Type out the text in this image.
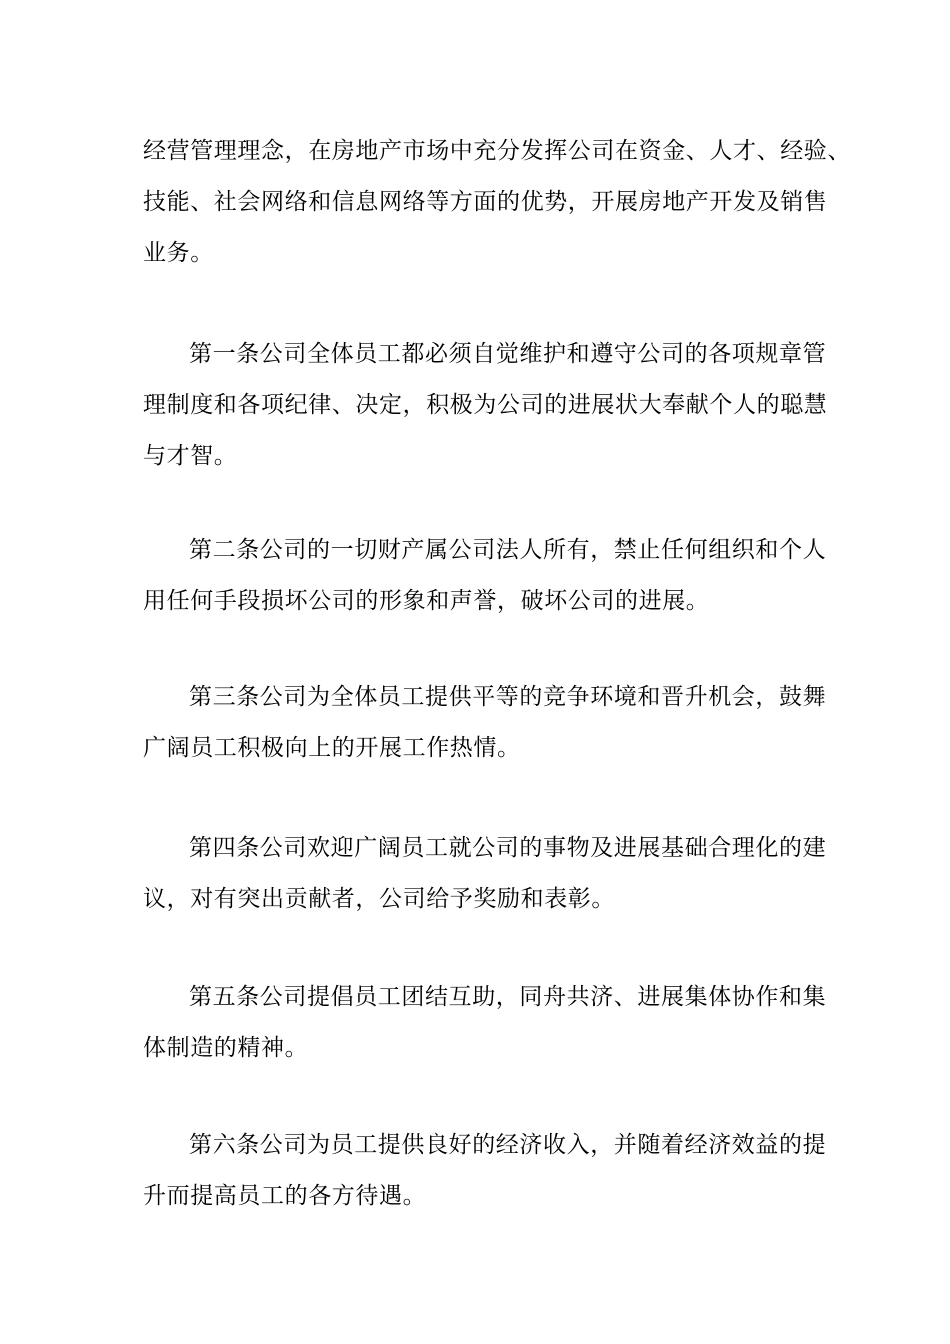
经营管理理念，在房地产市场中充分发挥公司在资金、人才、经验、
技能、社会网络和信息网络等方面的优势，开展房地产开发及销售
业务。

第一条公司全体员工都必须自觉维护和遵守公司的各项规章管
理制度和各项纪律、决定，积极为公司的进展状大奉献个人的聪慧
与才智。

第二条公司的一切财产属公司法人所有，禁止任何组织和个人
用任何手段损坏公司的形象和声誉，破坏公司的进展。

第三条公司为全体员工提供平等的竞争环境和晋升机会，鼓舞
广阔员工积极向上的开展工作热情。

第四条公司欢迎广阔员工就公司的事物及进展基础合理化的建
议，对有突出贡献者，公司给予奖励和表彰。

第五条公司提倡员工团结互助，同舟共济、进展集体协作和集
体制造的精神。

第六条公司为员工提供良好的经济收入，并随着经济效益的提
升而提高员工的各方待遇。
